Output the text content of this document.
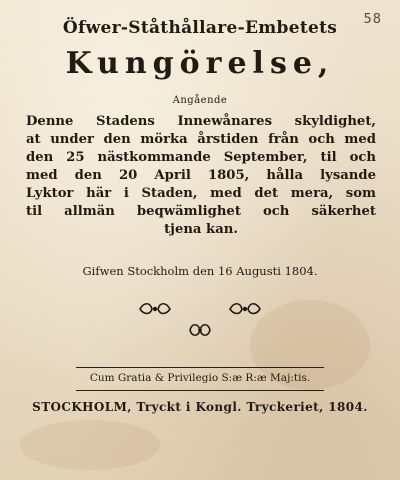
58
Öfwer-Ståthållare-Embetets
Kungörelse,
Angående
Denne Stadens Innewånares skyldighet,
at under den mörka årstiden från och med
den 25 nästkommande September, til och
med den 20 April 1805, hålla lysande
Lyktor här i Staden, med det mera, som
til allmän beqwämlighet och säkerhet
tjena kan.
Gifwen Stockholm den 16 Augusti 1804.
Cum Gratia & Privilegio S:æ R:æ Maj:tis.
STOCKHOLM, Tryckt i Kongl. Tryckeriet, 1804.
